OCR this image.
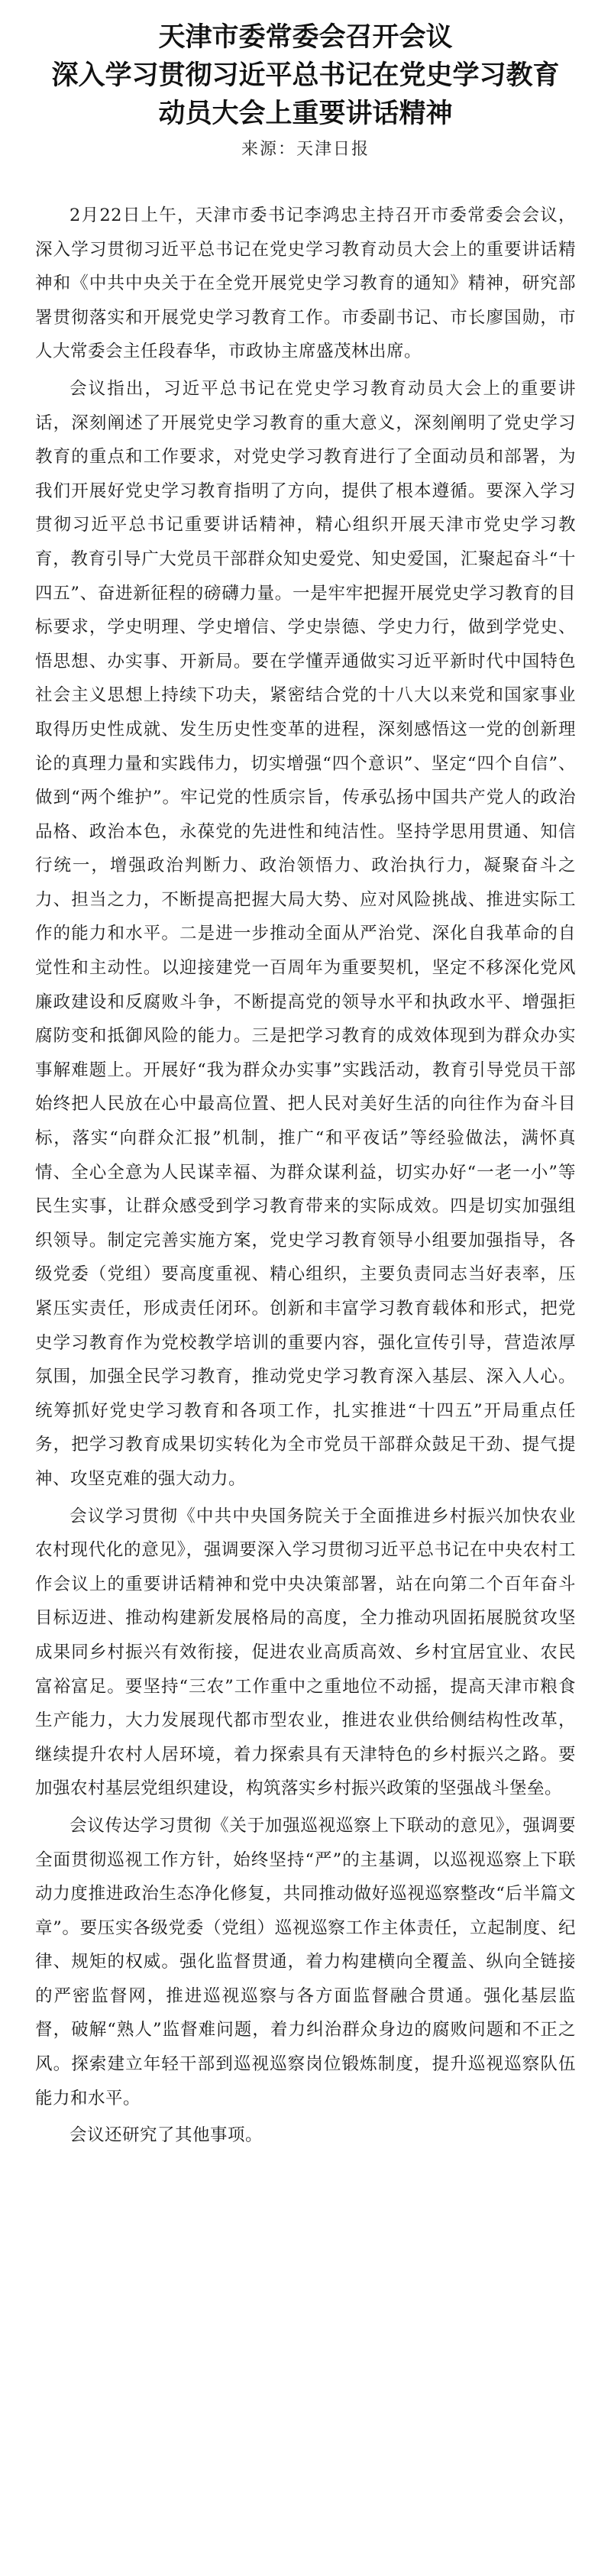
天津市委常委会召开会议
深入学习贯彻习近平总书记在党史学习教育
动员大会上重要讲话精神
来源：天津日报

2月22日上午，天津市委书记李鸿忠主持召开市委常委会会议，深入学习贯彻习近平总书记在党史学习教育动员大会上的重要讲话精神和《中共中央关于在全党开展党史学习教育的通知》精神，研究部署贯彻落实和开展党史学习教育工作。市委副书记、市长廖国勋，市人大常委会主任段春华，市政协主席盛茂林出席。

会议指出，习近平总书记在党史学习教育动员大会上的重要讲话，深刻阐述了开展党史学习教育的重大意义，深刻阐明了党史学习教育的重点和工作要求，对党史学习教育进行了全面动员和部署，为我们开展好党史学习教育指明了方向，提供了根本遵循。要深入学习贯彻习近平总书记重要讲话精神，精心组织开展天津市党史学习教育，教育引导广大党员干部群众知史爱党、知史爱国，汇聚起奋斗“十四五”、奋进新征程的磅礴力量。一是牢牢把握开展党史学习教育的目标要求，学史明理、学史增信、学史崇德、学史力行，做到学党史、悟思想、办实事、开新局。要在学懂弄通做实习近平新时代中国特色社会主义思想上持续下功夫，紧密结合党的十八大以来党和国家事业取得历史性成就、发生历史性变革的进程，深刻感悟这一党的创新理论的真理力量和实践伟力，切实增强“四个意识”、坚定“四个自信”、做到“两个维护”。牢记党的性质宗旨，传承弘扬中国共产党人的政治品格、政治本色，永葆党的先进性和纯洁性。坚持学思用贯通、知信行统一，增强政治判断力、政治领悟力、政治执行力，凝聚奋斗之力、担当之力，不断提高把握大局大势、应对风险挑战、推进实际工作的能力和水平。二是进一步推动全面从严治党、深化自我革命的自觉性和主动性。以迎接建党一百周年为重要契机，坚定不移深化党风廉政建设和反腐败斗争，不断提高党的领导水平和执政水平、增强拒腐防变和抵御风险的能力。三是把学习教育的成效体现到为群众办实事解难题上。开展好“我为群众办实事”实践活动，教育引导党员干部始终把人民放在心中最高位置、把人民对美好生活的向往作为奋斗目标，落实“向群众汇报”机制，推广“和平夜话”等经验做法，满怀真情、全心全意为人民谋幸福、为群众谋利益，切实办好“一老一小”等民生实事，让群众感受到学习教育带来的实际成效。四是切实加强组织领导。制定完善实施方案，党史学习教育领导小组要加强指导，各级党委（党组）要高度重视、精心组织，主要负责同志当好表率，压紧压实责任，形成责任闭环。创新和丰富学习教育载体和形式，把党史学习教育作为党校教学培训的重要内容，强化宣传引导，营造浓厚氛围，加强全民学习教育，推动党史学习教育深入基层、深入人心。统筹抓好党史学习教育和各项工作，扎实推进“十四五”开局重点任务，把学习教育成果切实转化为全市党员干部群众鼓足干劲、提气提神、攻坚克难的强大动力。

会议学习贯彻《中共中央国务院关于全面推进乡村振兴加快农业农村现代化的意见》，强调要深入学习贯彻习近平总书记在中央农村工作会议上的重要讲话精神和党中央决策部署，站在向第二个百年奋斗目标迈进、推动构建新发展格局的高度，全力推动巩固拓展脱贫攻坚成果同乡村振兴有效衔接，促进农业高质高效、乡村宜居宜业、农民富裕富足。要坚持“三农”工作重中之重地位不动摇，提高天津市粮食生产能力，大力发展现代都市型农业，推进农业供给侧结构性改革，继续提升农村人居环境，着力探索具有天津特色的乡村振兴之路。要加强农村基层党组织建设，构筑落实乡村振兴政策的坚强战斗堡垒。

会议传达学习贯彻《关于加强巡视巡察上下联动的意见》，强调要全面贯彻巡视工作方针，始终坚持“严”的主基调，以巡视巡察上下联动力度推进政治生态净化修复，共同推动做好巡视巡察整改“后半篇文章”。要压实各级党委（党组）巡视巡察工作主体责任，立起制度、纪律、规矩的权威。强化监督贯通，着力构建横向全覆盖、纵向全链接的严密监督网，推进巡视巡察与各方面监督融合贯通。强化基层监督，破解“熟人”监督难问题，着力纠治群众身边的腐败问题和不正之风。探索建立年轻干部到巡视巡察岗位锻炼制度，提升巡视巡察队伍能力和水平。

会议还研究了其他事项。
